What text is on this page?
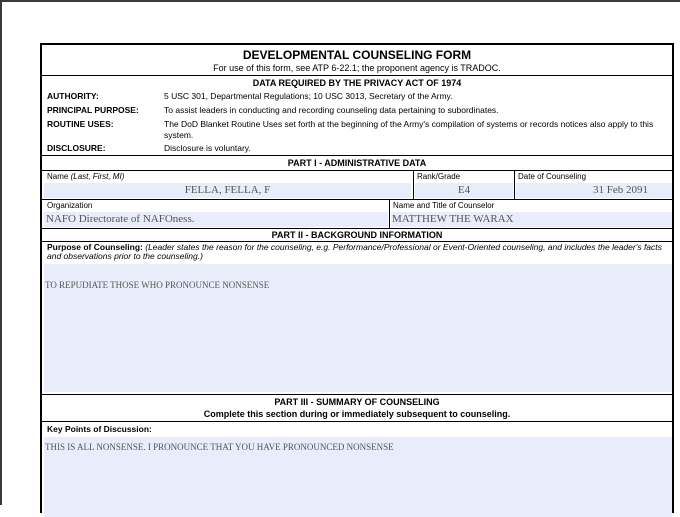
DEVELOPMENTAL COUNSELING FORM
For use of this form, see ATP 6-22.1; the proponent agency is TRADOC.
DATA REQUIRED BY THE PRIVACY ACT OF 1974
AUTHORITY:	5 USC 301, Departmental Regulations; 10 USC 3013, Secretary of the Army.
PRINCIPAL PURPOSE:	To assist leaders in conducting and recording counseling data pertaining to subordinates.
ROUTINE USES:	The DoD Blanket Routine Uses set forth at the beginning of the Army's compilation of systems or records notices also apply to this system.
DISCLOSURE:	Disclosure is voluntary.
PART I - ADMINISTRATIVE DATA
Name (Last, First, MI)
FELLA, FELLA, F
Rank/Grade
E4
Date of Counseling
31 Feb 2091
Organization
NAFO Directorate of NAFOness.
Name and Title of Counselor
MATTHEW THE WARAX
PART II - BACKGROUND INFORMATION
Purpose of Counseling: (Leader states the reason for the counseling, e.g. Performance/Professional or Event-Oriented counseling, and includes the leader's facts and observations prior to the counseling.)
TO REPUDIATE THOSE WHO PRONOUNCE NONSENSE
PART III - SUMMARY OF COUNSELING
Complete this section during or immediately subsequent to counseling.
Key Points of Discussion:
THIS IS ALL NONSENSE. I PRONOUNCE THAT YOU HAVE PRONOUNCED NONSENSE
